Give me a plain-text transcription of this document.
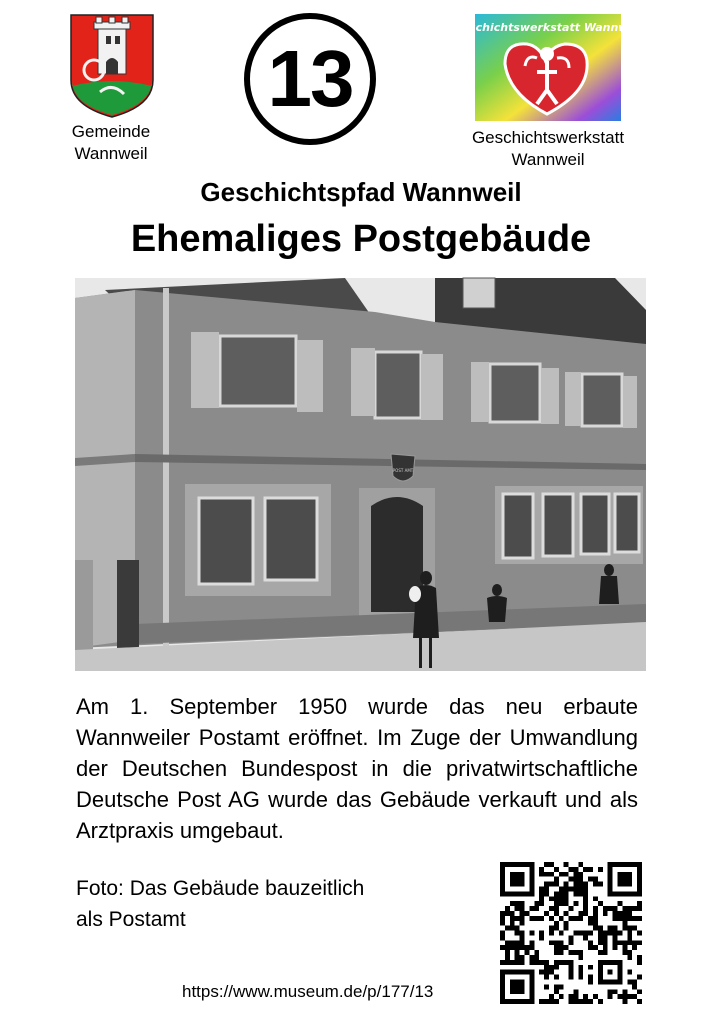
Gemeinde
Wannweil
13
Geschichtswerkstatt Wannweil
Geschichtswerkstatt
Wannweil
Geschichtspfad Wannweil
Ehemaliges Postgebäude
POST AMT
Am 1. September 1950 wurde das neu erbaute Wannweiler Postamt eröffnet. Im Zuge der Umwandlung der Deutschen Bundespost in die privatwirtschaftliche Deutsche Post AG wurde das Gebäude verkauft und als Arztpraxis umgebaut.
Foto: Das Gebäude bauzeitlich
als Postamt
https://www.museum.de/p/177/13
